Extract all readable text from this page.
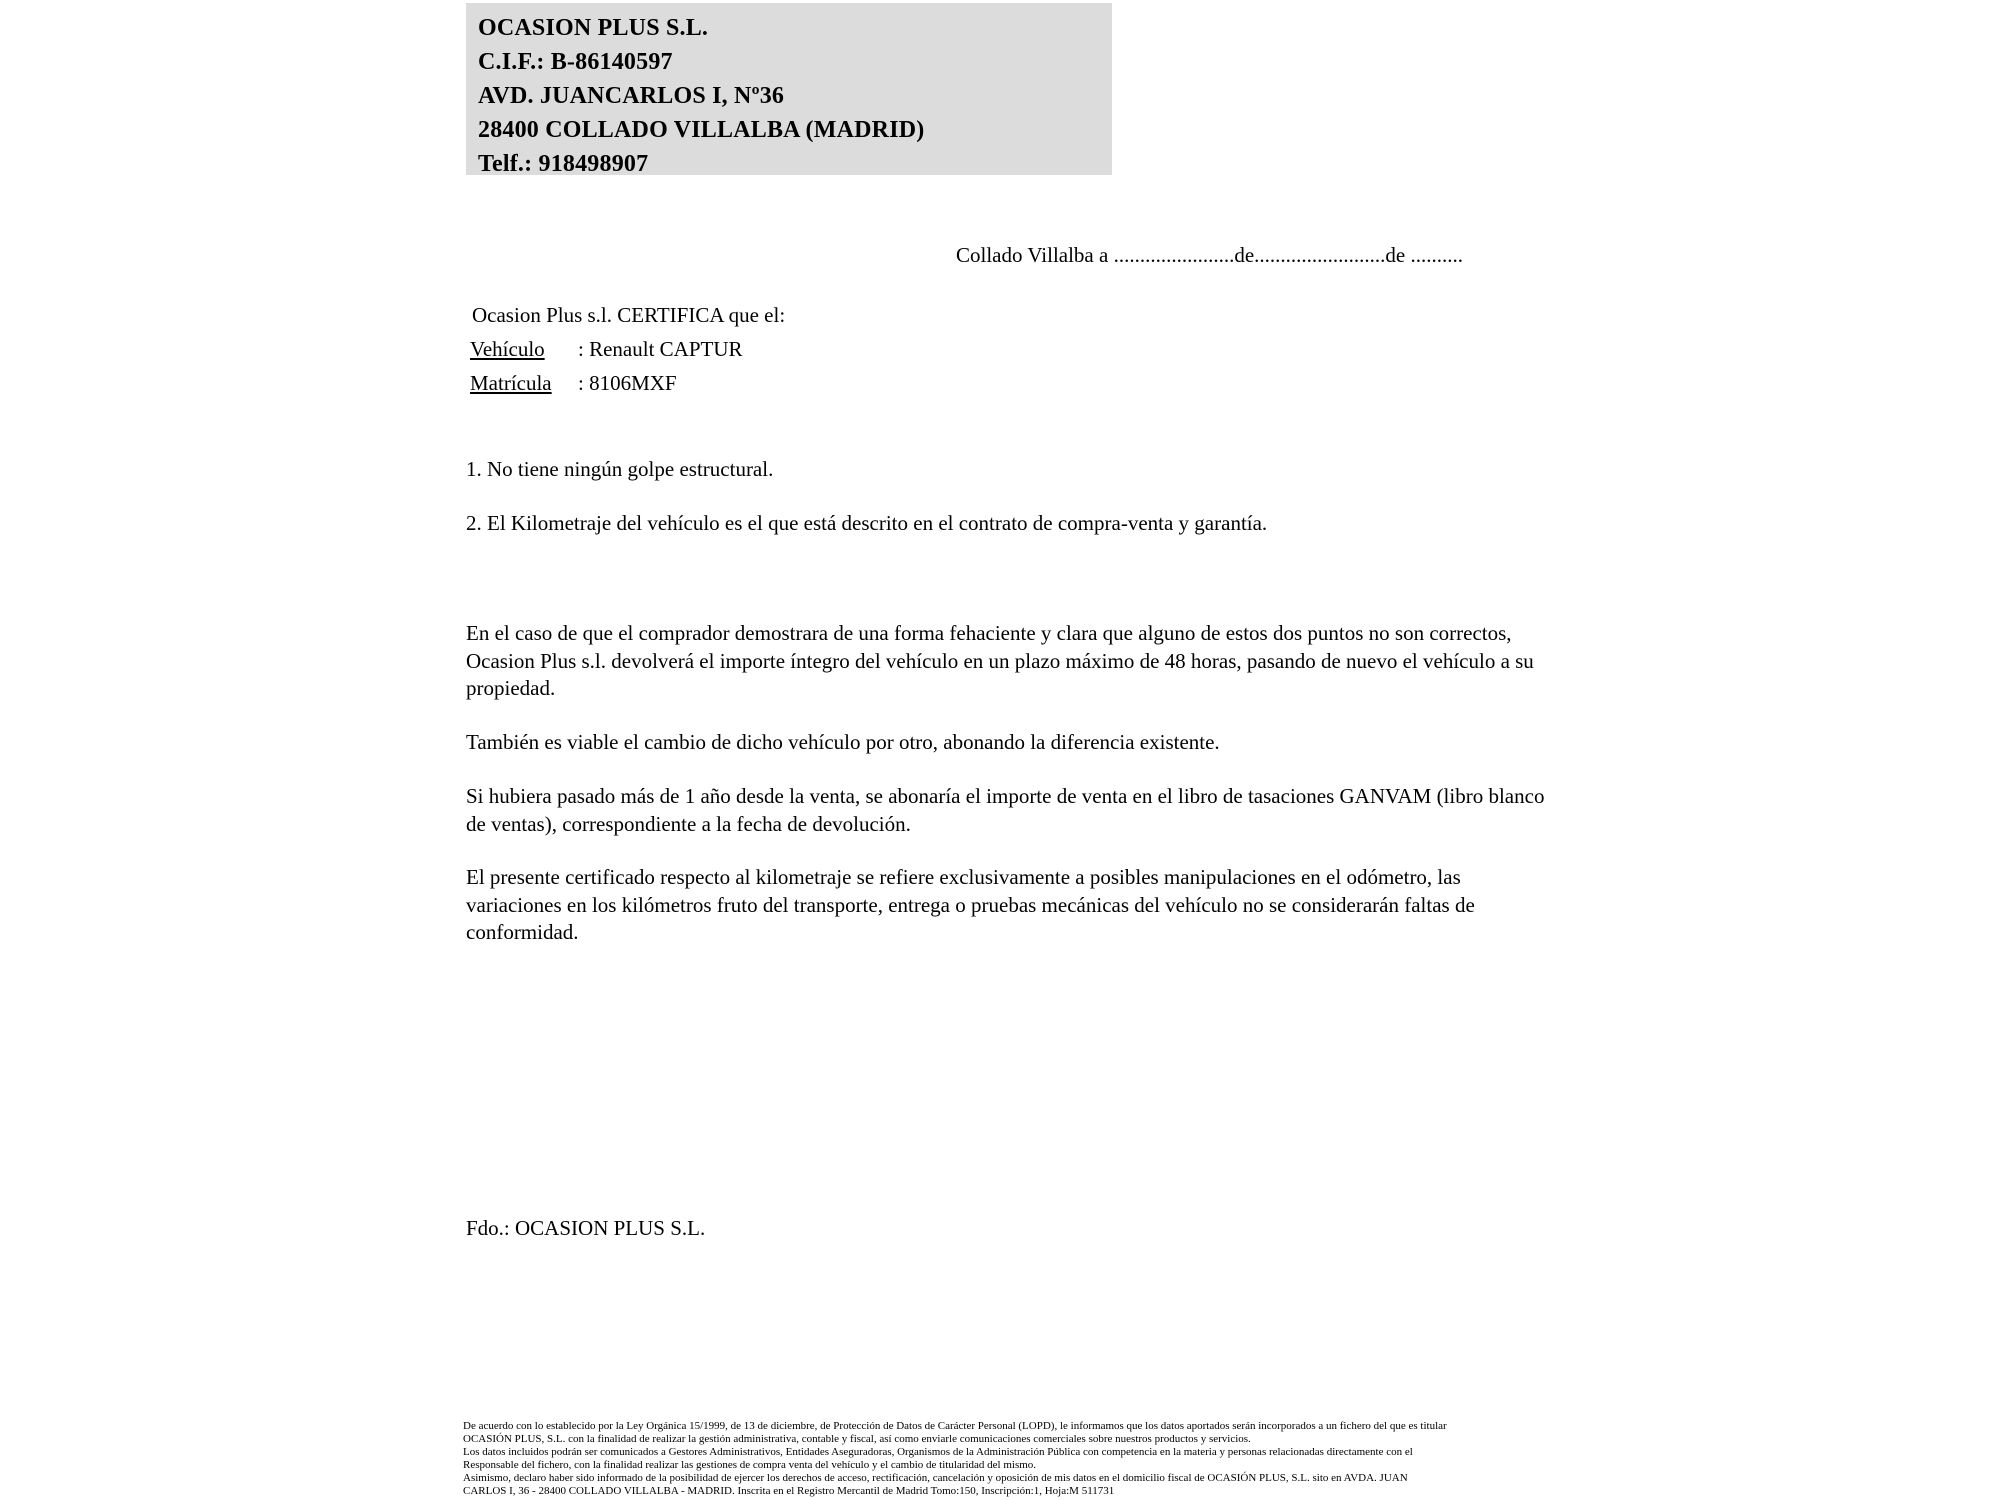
OCASION PLUS S.L.
C.I.F.: B-86140597
AVD. JUANCARLOS I, Nº36
28400 COLLADO VILLALBA (MADRID)
Telf.: 918498907
Collado Villalba a .......................de.........................de ..........
Ocasion Plus s.l. CERTIFICA que el:
Vehículo	: Renault CAPTUR
Matrícula	: 8106MXF
1. No tiene ningún golpe estructural.
2. El Kilometraje del vehículo es el que está descrito en el contrato de compra-venta y garantía.
En el caso de que el comprador demostrara de una forma fehaciente y clara que alguno de estos dos puntos no son correctos, Ocasion Plus s.l. devolverá el importe íntegro del vehículo en un plazo máximo de 48 horas, pasando de nuevo el vehículo a su propiedad.
También es viable el cambio de dicho vehículo por otro, abonando la diferencia existente.
Si hubiera pasado más de 1 año desde la venta, se abonaría el importe de venta en el libro de tasaciones GANVAM (libro blanco de ventas), correspondiente a la fecha de devolución.
El presente certificado respecto al kilometraje se refiere exclusivamente a posibles manipulaciones en el odómetro, las variaciones en los kilómetros fruto del transporte, entrega o pruebas mecánicas del vehículo no se considerarán faltas de conformidad.
Fdo.: OCASION PLUS S.L.
De acuerdo con lo establecido por la Ley Orgánica 15/1999, de 13 de diciembre, de Protección de Datos de Carácter Personal (LOPD), le informamos que los datos aportados serán incorporados a un fichero del que es titular
OCASIÓN PLUS, S.L. con la finalidad de realizar la gestión administrativa, contable y fiscal, así como enviarle comunicaciones comerciales sobre nuestros productos y servicios.
Los datos incluidos podrán ser comunicados a Gestores Administrativos, Entidades Aseguradoras, Organismos de la Administración Pública con competencia en la materia y personas relacionadas directamente con el
Responsable del fichero, con la finalidad realizar las gestiones de compra venta del vehículo y el cambio de titularidad del mismo.
Asimismo, declaro haber sido informado de la posibilidad de ejercer los derechos de acceso, rectificación, cancelación y oposición de mis datos en el domicilio fiscal de OCASIÓN PLUS, S.L. sito en AVDA. JUAN
CARLOS I, 36 - 28400 COLLADO VILLALBA - MADRID. Inscrita en el Registro Mercantil de Madrid Tomo:150, Inscripción:1, Hoja:M 511731
